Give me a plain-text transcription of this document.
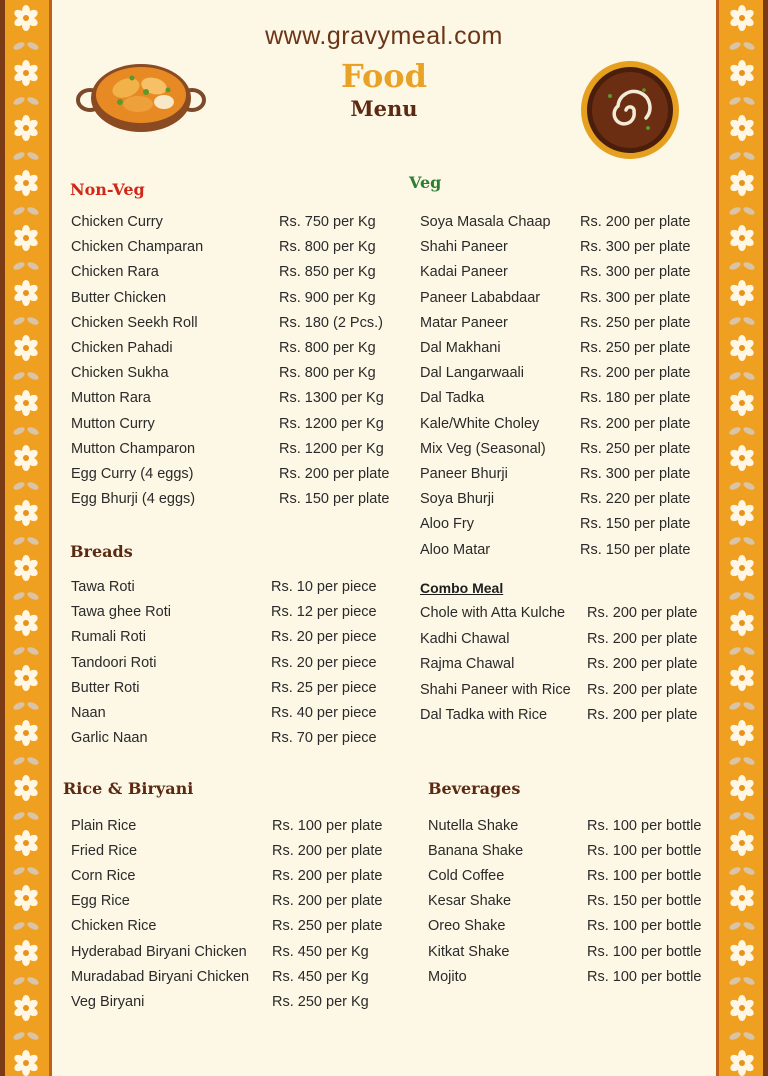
www.gravymeal.com
Food
Menu
Non-Veg	Veg
Breads
Combo Meal
Rice & Biryani	Beverages
Chicken Curry	Rs. 750 per Kg
Chicken Champaran	Rs. 800 per Kg
Chicken Rara	Rs. 850 per Kg
Butter Chicken	Rs. 900 per Kg
Chicken Seekh Roll	Rs. 180 (2 Pcs.)
Chicken Pahadi	Rs. 800 per Kg
Chicken Sukha	Rs. 800 per Kg
Mutton Rara	Rs. 1300 per Kg
Mutton Curry	Rs. 1200 per Kg
Mutton Champaron	Rs. 1200 per Kg
Egg Curry (4 eggs)	Rs. 200 per plate
Egg Bhurji (4 eggs)	Rs. 150 per plate
Soya Masala Chaap Rs. 200 per plate
Shahi Paneer	Rs. 300 per plate
Kadai Paneer	Rs. 300 per plate
Paneer Lababdaar	Rs. 300 per plate
Matar Paneer	Rs. 250 per plate
Dal Makhani	Rs. 250 per plate
Dal Langarwaali	Rs. 200 per plate
Dal Tadka	Rs. 180 per plate
Kale/White Choley	Rs. 200 per plate
Mix Veg (Seasonal) Rs. 250 per plate
Paneer Bhurji	Rs. 300 per plate
Soya Bhurji	Rs. 220 per plate
Aloo Fry	Rs. 150 per plate
Aloo Matar	Rs. 150 per plate
Tawa Roti	Rs. 10 per piece
Tawa ghee Roti	Rs. 12 per piece
Rumali Roti	Rs. 20 per piece
Tandoori Roti	Rs. 20 per piece
Butter Roti	Rs. 25 per piece
Naan	Rs. 40 per piece
Garlic Naan	Rs. 70 per piece
Chole with Atta Kulche Rs. 200 per plate
Kadhi Chawal	Rs. 200 per plate
Rajma Chawal	Rs. 200 per plate
Shahi Paneer with Rice Rs. 200 per plate
Dal Tadka with Rice	Rs. 200 per plate
Plain Rice	Rs. 100 per plate
Fried Rice	Rs. 200 per plate
Corn Rice	Rs. 200 per plate
Egg Rice	Rs. 200 per plate
Chicken Rice	Rs. 250 per plate
Hyderabad Biryani Chicken Rs. 450 per Kg
Muradabad Biryani Chicken Rs. 450 per Kg
Veg Biryani	Rs. 250 per Kg
Nutella Shake	Rs. 100 per bottle
Banana Shake	Rs. 100 per bottle
Cold Coffee	Rs. 100 per bottle
Kesar Shake	Rs. 150 per bottle
Oreo Shake	Rs. 100 per bottle
Kitkat Shake	Rs. 100 per bottle
Mojito	Rs. 100 per bottle
